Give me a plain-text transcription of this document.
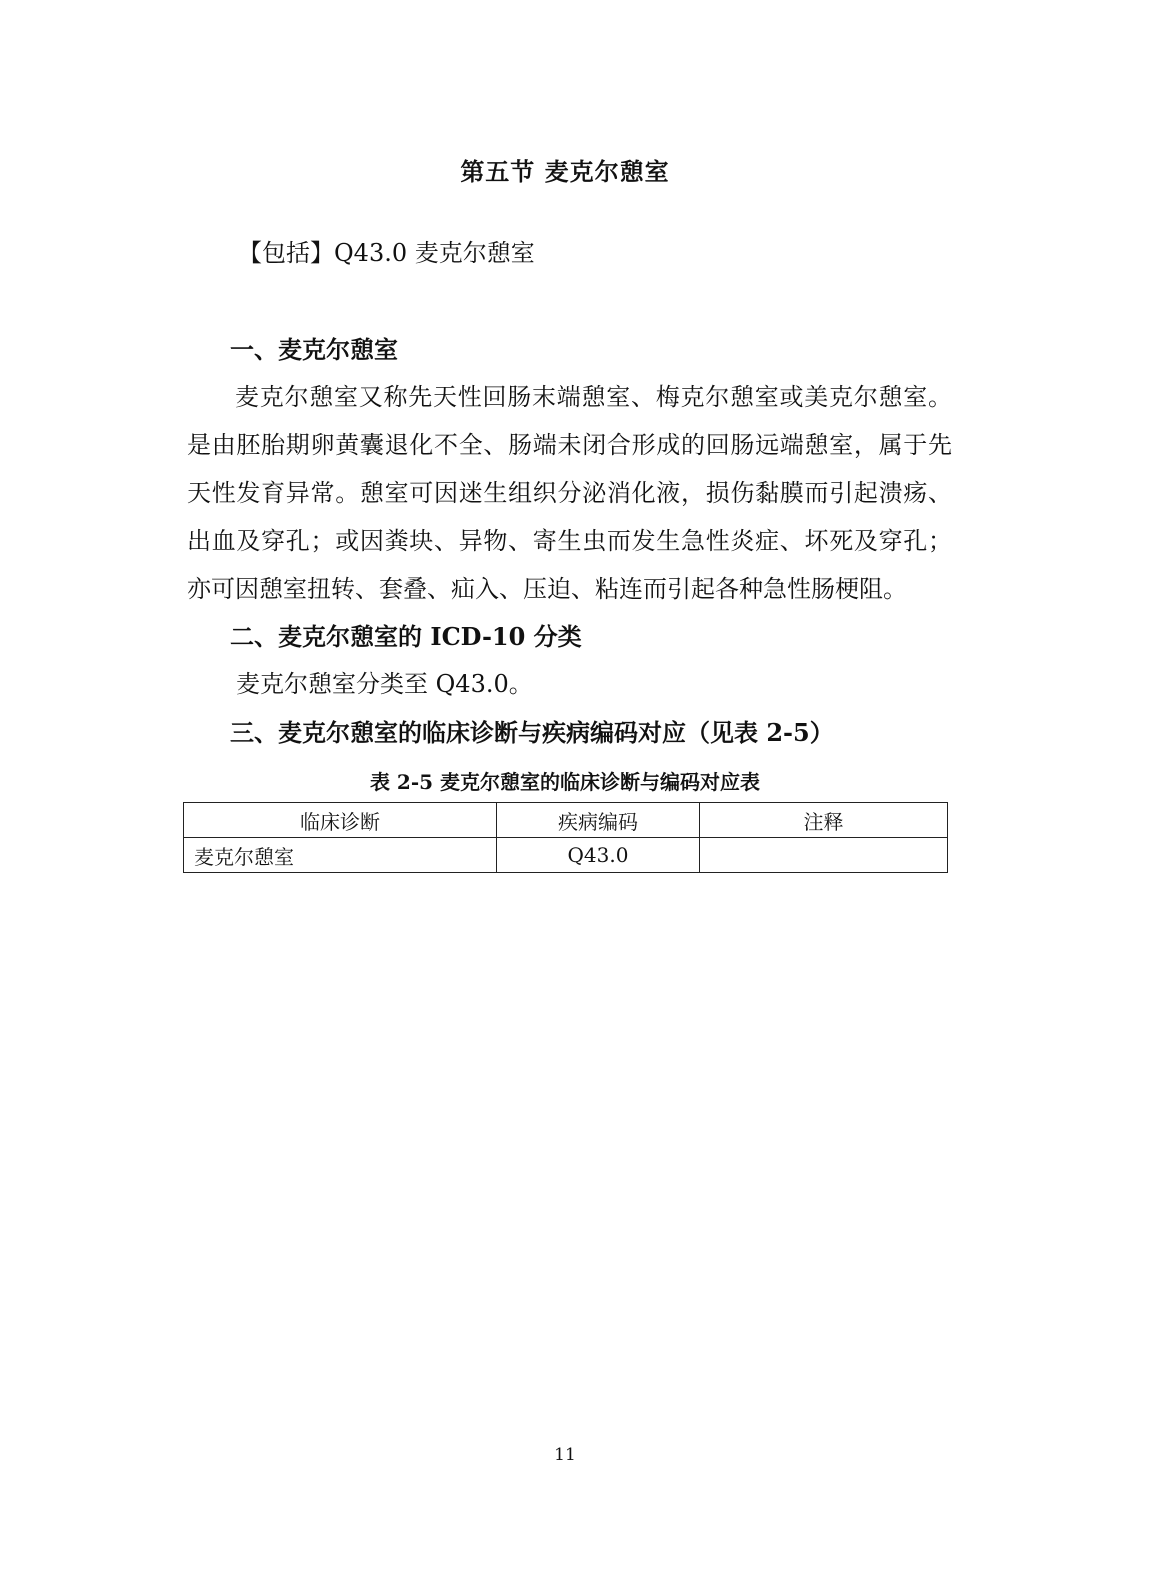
第五节 麦克尔憩室
【包括】Q43.0 麦克尔憩室
一、麦克尔憩室
麦克尔憩室又称先天性回肠末端憩室、梅克尔憩室或美克尔憩室。是由胚胎期卵黄囊退化不全、肠端未闭合形成的回肠远端憩室，属于先天性发育异常。憩室可因迷生组织分泌消化液，损伤黏膜而引起溃疡、出血及穿孔；或因粪块、异物、寄生虫而发生急性炎症、坏死及穿孔；亦可因憩室扭转、套叠、疝入、压迫、粘连而引起各种急性肠梗阻。
二、麦克尔憩室的 ICD-10 分类
麦克尔憩室分类至 Q43.0。
三、麦克尔憩室的临床诊断与疾病编码对应（见表 2-5）
表 2-5 麦克尔憩室的临床诊断与编码对应表
临床诊断	疾病编码	注释
麦克尔憩室	Q43.0	
11
